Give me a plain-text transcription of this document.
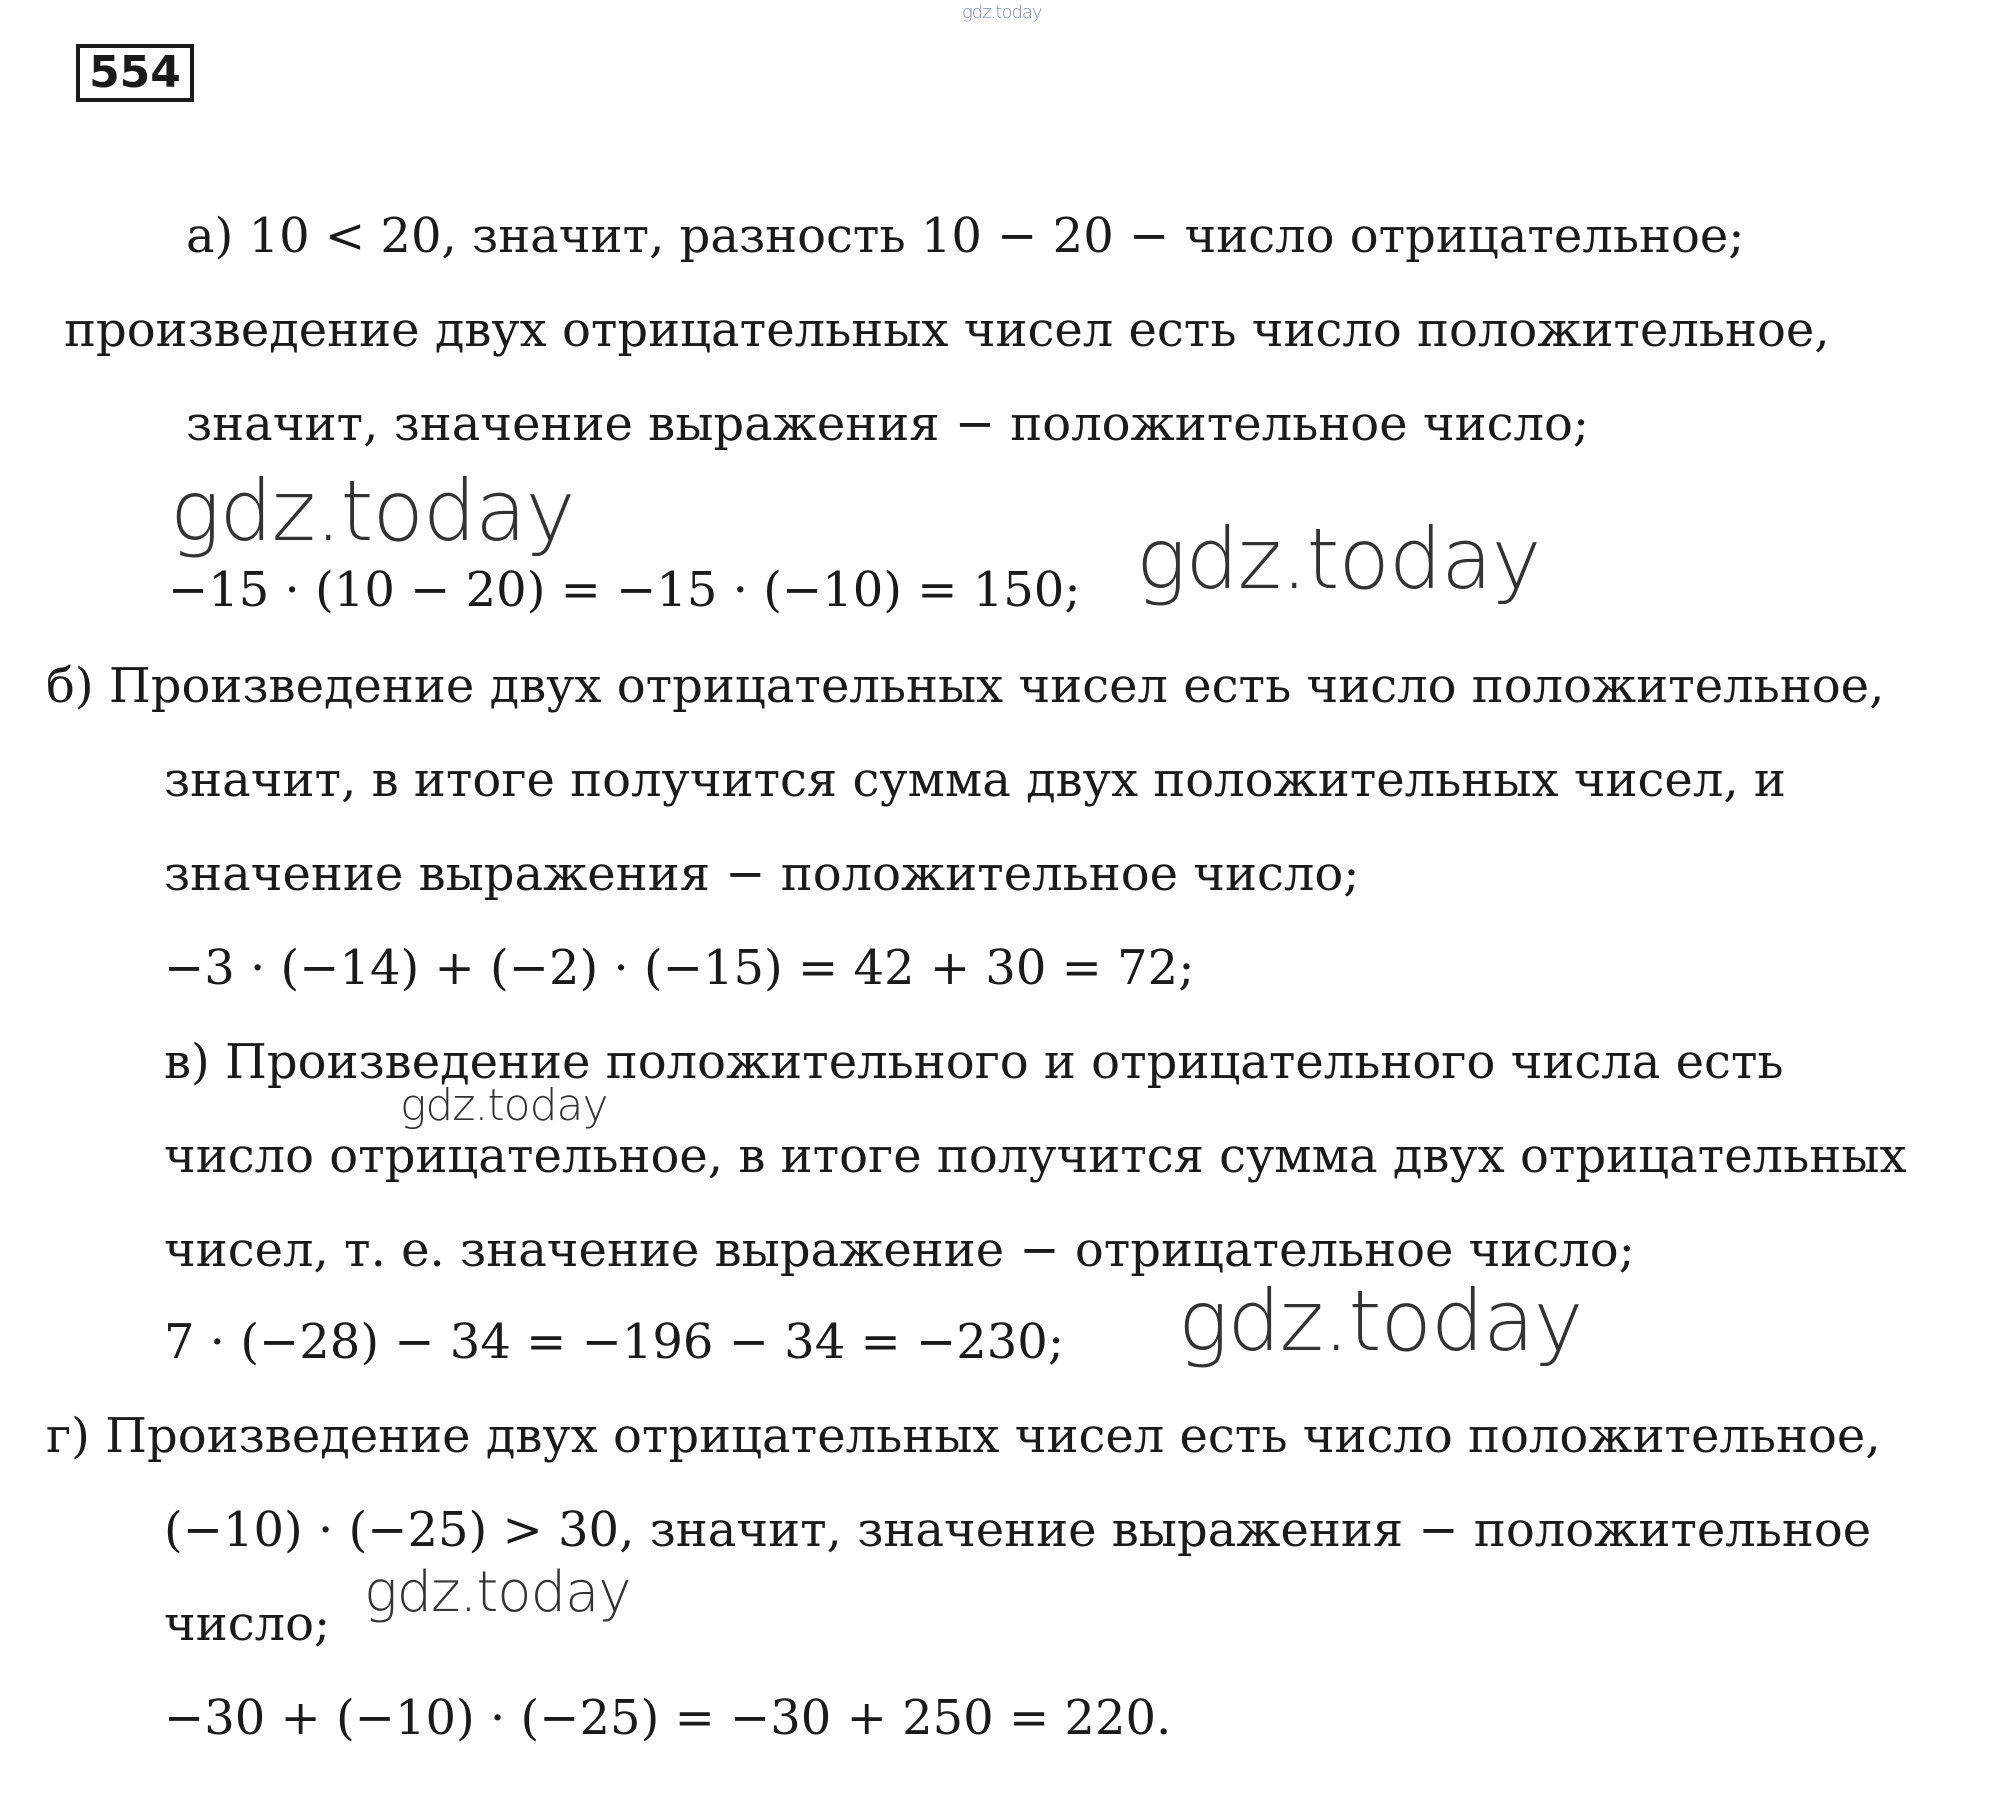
gdz.today
554
а) 10 < 20, значит, разность 10 − 20 − число отрицательное;
произведение двух отрицательных чисел есть число положительное,
значит, значение выражения − положительное число;
gdz.today
−15 · (10 − 20) = −15 · (−10) = 150; gdz.today
б) Произведение двух отрицательных чисел есть число положительное,
значит, в итоге получится сумма двух положительных чисел, и
значение выражения − положительное число;
−3 · (−14) + (−2) · (−15) = 42 + 30 = 72;
в) Произведение положительного и отрицательного числа есть
gdz.today
число отрицательное, в итоге получится сумма двух отрицательных
чисел, т. е. значение выражение − отрицательное число;
7 · (−28) − 34 = −196 − 34 = −230; gdz.today
г) Произведение двух отрицательных чисел есть число положительное,
(−10) · (−25) > 30, значит, значение выражения − положительное
gdz.today
число;
−30 + (−10) · (−25) = −30 + 250 = 220.
